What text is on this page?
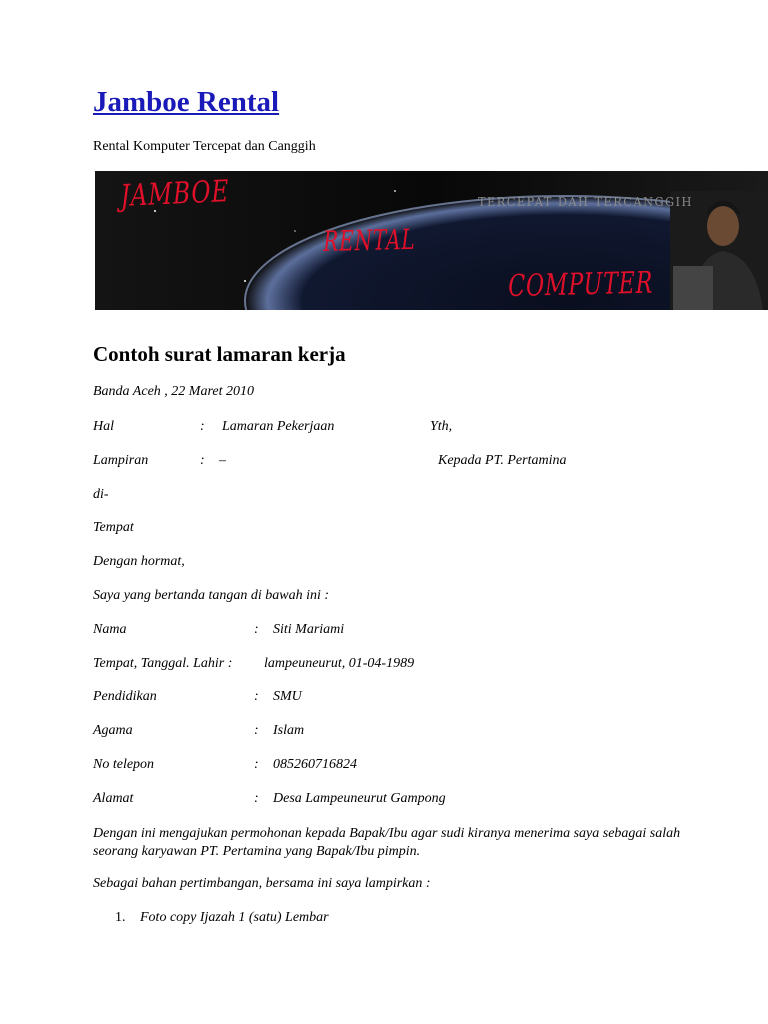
Jamboe Rental
Rental Komputer Tercepat dan Canggih
JAMBOE
RENTAL
COMPUTER
TERCEPAT DAH TERCANGGIH
Contoh surat lamaran kerja
Banda Aceh , 22 Maret 2010
Hal	: Lamaran Pekerjaan	Yth,
Lampiran	: –	Kepada PT. Pertamina
di-
Tempat
Dengan hormat,
Saya yang bertanda tangan di bawah ini :
Nama	: Siti Mariami
Tempat, Tanggal. Lahir : lampeuneurut, 01-04-1989
Pendidikan	: SMU
Agama	: Islam
No telepon	: 085260716824
Alamat	: Desa Lampeuneurut Gampong
Dengan ini mengajukan permohonan kepada Bapak/Ibu agar sudi kiranya menerima saya sebagai salah seorang karyawan PT. Pertamina yang Bapak/Ibu pimpin.
Sebagai bahan pertimbangan, bersama ini saya lampirkan :
1. Foto copy Ijazah 1 (satu) Lembar
